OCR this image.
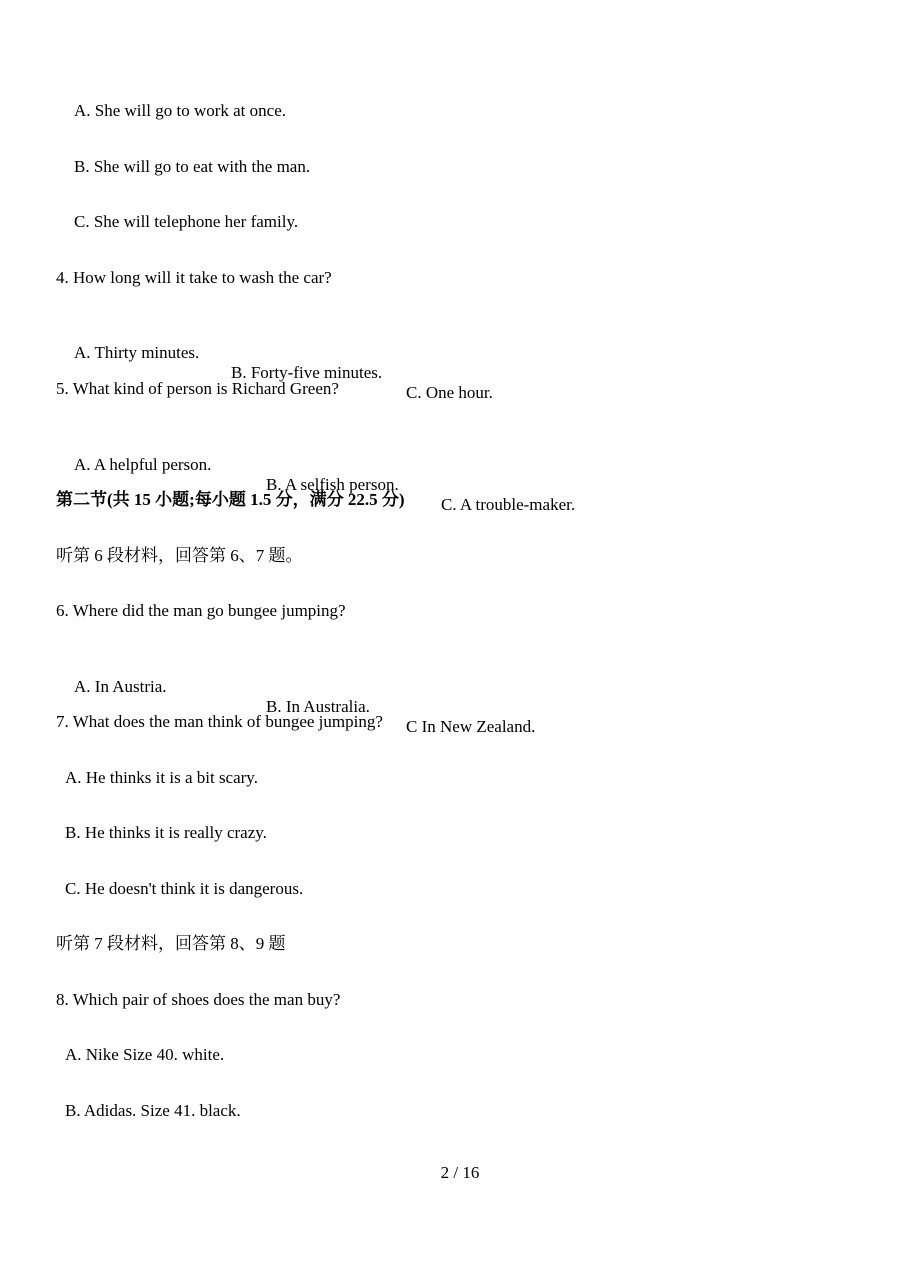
A. She will go to work at once.
B. She will go to eat with the man.
C. She will telephone her family.
4. How long will it take to wash the car?

A. Thirty minutes.

B. Forty-five minutes.

C. One hour.

5. What kind of person is Richard Green?

A. A helpful person.

B. A selfish person.

C. A trouble-maker.

第二节(共 15 小题;每小题 1.5 分，满分 22.5 分)
听第 6 段材料，回答第 6、7 题。
6. Where did the man go bungee jumping?

A. In Austria.

B. In Australia.

C In New Zealand.

7. What does the man think of bungee jumping?
A. He thinks it is a bit scary.
B. He thinks it is really crazy.
C. He doesn't think it is dangerous.
听第 7 段材料，回答第 8、9 题
8. Which pair of shoes does the man buy?
A. Nike Size 40. white.
B. Adidas. Size 41. black.
2 / 16
